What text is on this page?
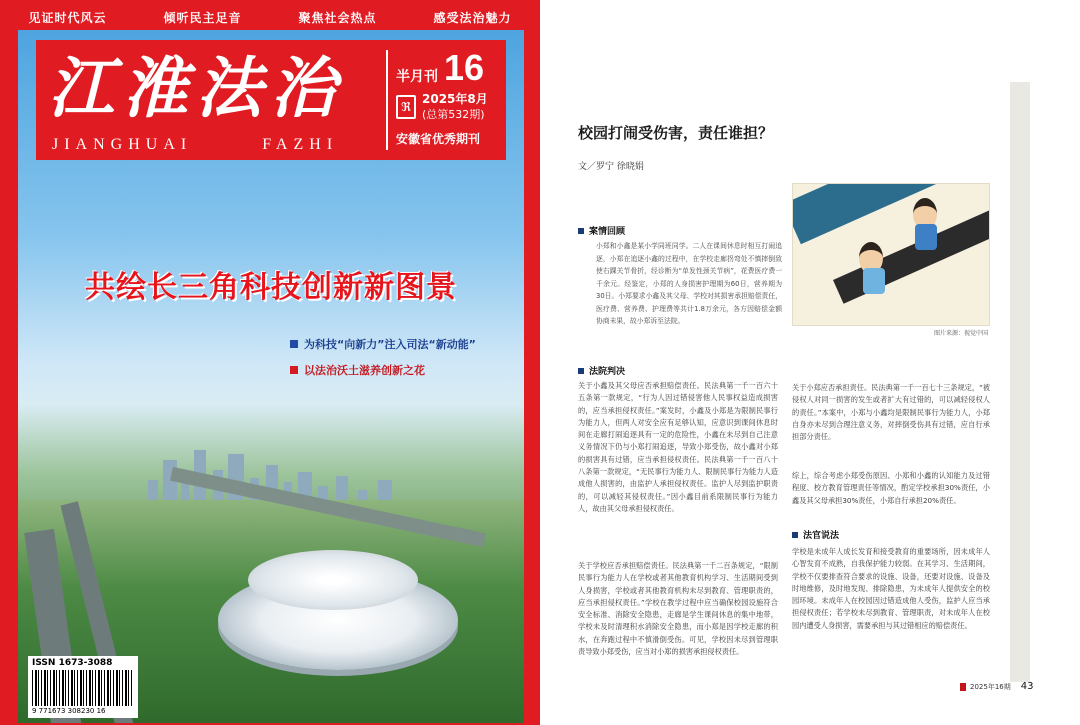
见证时代风云	倾听民主足音	聚焦社会热点	感受法治魅力
江淮法治
JIANGHUAI	FAZHI
半月刊 16
ℜ
2025年8月
(总第532期)
安徽省优秀期刊
共绘长三角科技创新新图景
为科技“向新力”注入司法“新动能”
以法治沃土滋养创新之花
ISSN 1673-3088
9 771673 308230 16
校园打闹受伤害，责任谁担？
文／罗宁 徐晓娟
图片来源：视觉中国
案情回顾
小郑和小鑫是某小学同班同学。二人在课间休息时相互打闹追逐，小郑在追逐小鑫的过程中，在学校走廊拐弯处不慎摔倒致使右踝关节骨折，经诊断为“单发性颈关节病”，花费医疗费一千余元。经鉴定，小郑的人身损害护理期为60日，营养期为30日。小郑要求小鑫及其父母、学校对其损害承担赔偿责任，医疗费、营养费、护理费等共计1.8万余元，各方因赔偿金额协商未果，故小郑诉至法院。
法院判决
关于小鑫及其父母应否承担赔偿责任。民法典第一千一百六十五条第一款规定，“行为人因过错侵害他人民事权益造成损害的，应当承担侵权责任。”案发时，小鑫及小郑是为限制民事行为能力人，但两人对安全应有足够认知，应意识到课间休息时间在走廊打闹追逐具有一定的危险性，小鑫在未尽到自己注意义务情况下仍与小郑打闹追逐，导致小郑受伤，故小鑫对小郑的损害具有过错，应当承担侵权责任。民法典第一千一百八十八条第一款规定，“无民事行为能力人、限制民事行为能力人造成他人损害的，由监护人承担侵权责任。监护人尽到监护职责的，可以减轻其侵权责任。”因小鑫目前系限制民事行为能力人，故由其父母承担侵权责任。
关于学校应否承担赔偿责任。民法典第一千二百条规定，“限制民事行为能力人在学校或者其他教育机构学习、生活期间受到人身损害，学校或者其他教育机构未尽到教育、管理职责的，应当承担侵权责任。”学校在教学过程中应当确保校园设施符合安全标准、消除安全隐患，走廊是学生课间休息的集中地带，学校未及时清理积水消除安全隐患，而小郑是因学校走廊的积水，在奔跑过程中不慎滑倒受伤。可见，学校因未尽到管理职责导致小郑受伤，应当对小郑的损害承担侵权责任。
关于小郑应否承担责任。民法典第一千一百七十三条规定，“被侵权人对同一损害的发生或者扩大有过错的，可以减轻侵权人的责任。”本案中，小郑与小鑫均是限制民事行为能力人，小郑自身亦未尽到合理注意义务，对摔倒受伤具有过错，应自行承担部分责任。
综上，综合考虑小郑受伤原因、小郑和小鑫的认知能力及过错程度、校方教育管理责任等情况，酌定学校承担30%责任，小鑫及其父母承担30%责任，小郑自行承担20%责任。
法官说法
学校是未成年人成长发育和接受教育的重要场所，因未成年人心智发育不成熟，自我保护能力较弱。在其学习、生活期间，学校不仅要排查符合要求的设施、设备，还要对设施、设备及时地维修，及时地发现、排除隐患，为未成年人提供安全的校园环境。未成年人在校园因过错造成他人受伤，监护人应当承担侵权责任；若学校未尽到教育、管理职责，对未成年人在校园内遭受人身损害，需要承担与其过错相应的赔偿责任。
2025年16期 43
